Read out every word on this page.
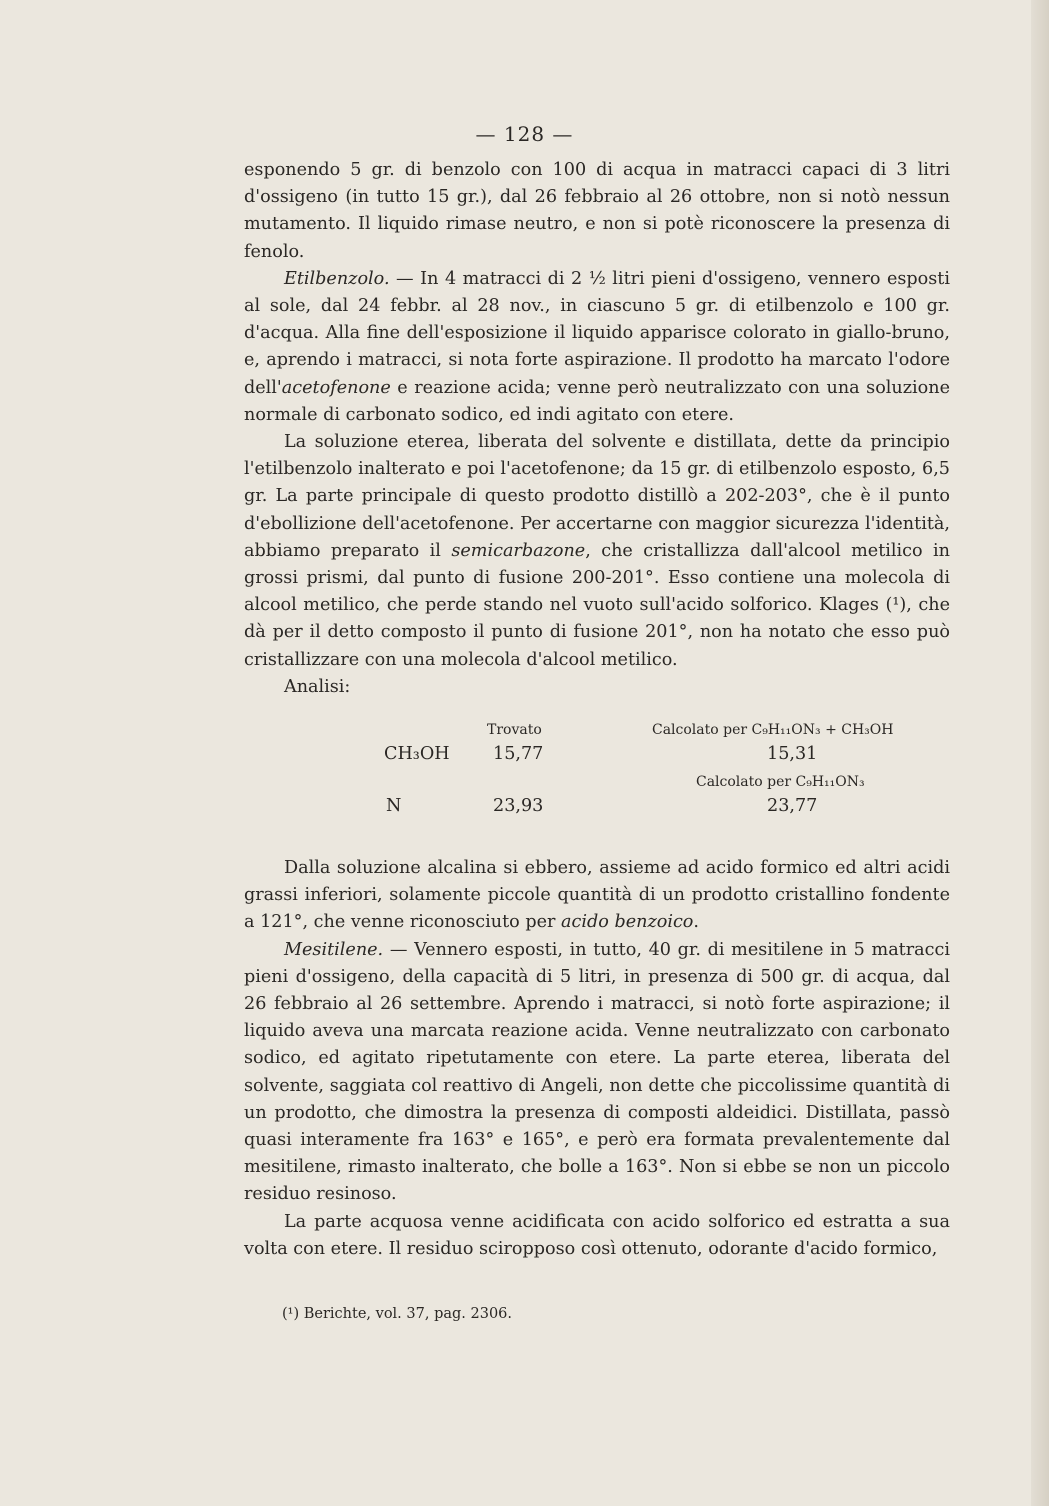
— 128 —

esponendo 5 gr. di benzolo con 100 di acqua in matracci capaci di 3 litri d'ossigeno (in tutto 15 gr.), dal 26 febbraio al 26 ottobre, non si notò nessun mutamento. Il liquido rimase neutro, e non si potè riconoscere la presenza di fenolo.

Etilbenzolo. — In 4 matracci di 2 ½ litri pieni d'ossigeno, vennero esposti al sole, dal 24 febbr. al 28 nov., in ciascuno 5 gr. di etilbenzolo e 100 gr. d'acqua. Alla fine dell'esposizione il liquido apparisce colorato in giallo-bruno, e, aprendo i matracci, si nota forte aspirazione. Il prodotto ha marcato l'odore dell'acetofenone e reazione acida; venne però neutralizzato con una soluzione normale di carbonato sodico, ed indi agitato con etere.

La soluzione eterea, liberata del solvente e distillata, dette da principio l'etilbenzolo inalterato e poi l'acetofenone; da 15 gr. di etilbenzolo esposto, 6,5 gr. La parte principale di questo prodotto distillò a 202-203°, che è il punto d'ebollizione dell'acetofenone. Per accertarne con maggior sicurezza l'identità, abbiamo preparato il semicarbazone, che cristallizza dall'alcool metilico in grossi prismi, dal punto di fusione 200-201°. Esso contiene una molecola di alcool metilico, che perde stando nel vuoto sull'acido solforico. Klages (¹), che dà per il detto composto il punto di fusione 201°, non ha notato che esso può cristallizzare con una molecola d'alcool metilico.

Analisi:

Trovato	Calcolato per C₉H₁₁ON₃ + CH₃OH
CH₃OH 15,77	15,31
Calcolato per C₉H₁₁ON₃
N	23,93	23,77

Dalla soluzione alcalina si ebbero, assieme ad acido formico ed altri acidi grassi inferiori, solamente piccole quantità di un prodotto cristallino fondente a 121°, che venne riconosciuto per acido benzoico.

Mesitilene. — Vennero esposti, in tutto, 40 gr. di mesitilene in 5 matracci pieni d'ossigeno, della capacità di 5 litri, in presenza di 500 gr. di acqua, dal 26 febbraio al 26 settembre. Aprendo i matracci, si notò forte aspirazione; il liquido aveva una marcata reazione acida. Venne neutralizzato con carbonato sodico, ed agitato ripetutamente con etere. La parte eterea, liberata del solvente, saggiata col reattivo di Angeli, non dette che piccolissime quantità di un prodotto, che dimostra la presenza di composti aldeidici. Distillata, passò quasi interamente fra 163° e 165°, e però era formata prevalentemente dal mesitilene, rimasto inalterato, che bolle a 163°. Non si ebbe se non un piccolo residuo resinoso.

La parte acquosa venne acidificata con acido solforico ed estratta a sua volta con etere. Il residuo sciropposo così ottenuto, odorante d'acido formico,

(¹) Berichte, vol. 37, pag. 2306.
